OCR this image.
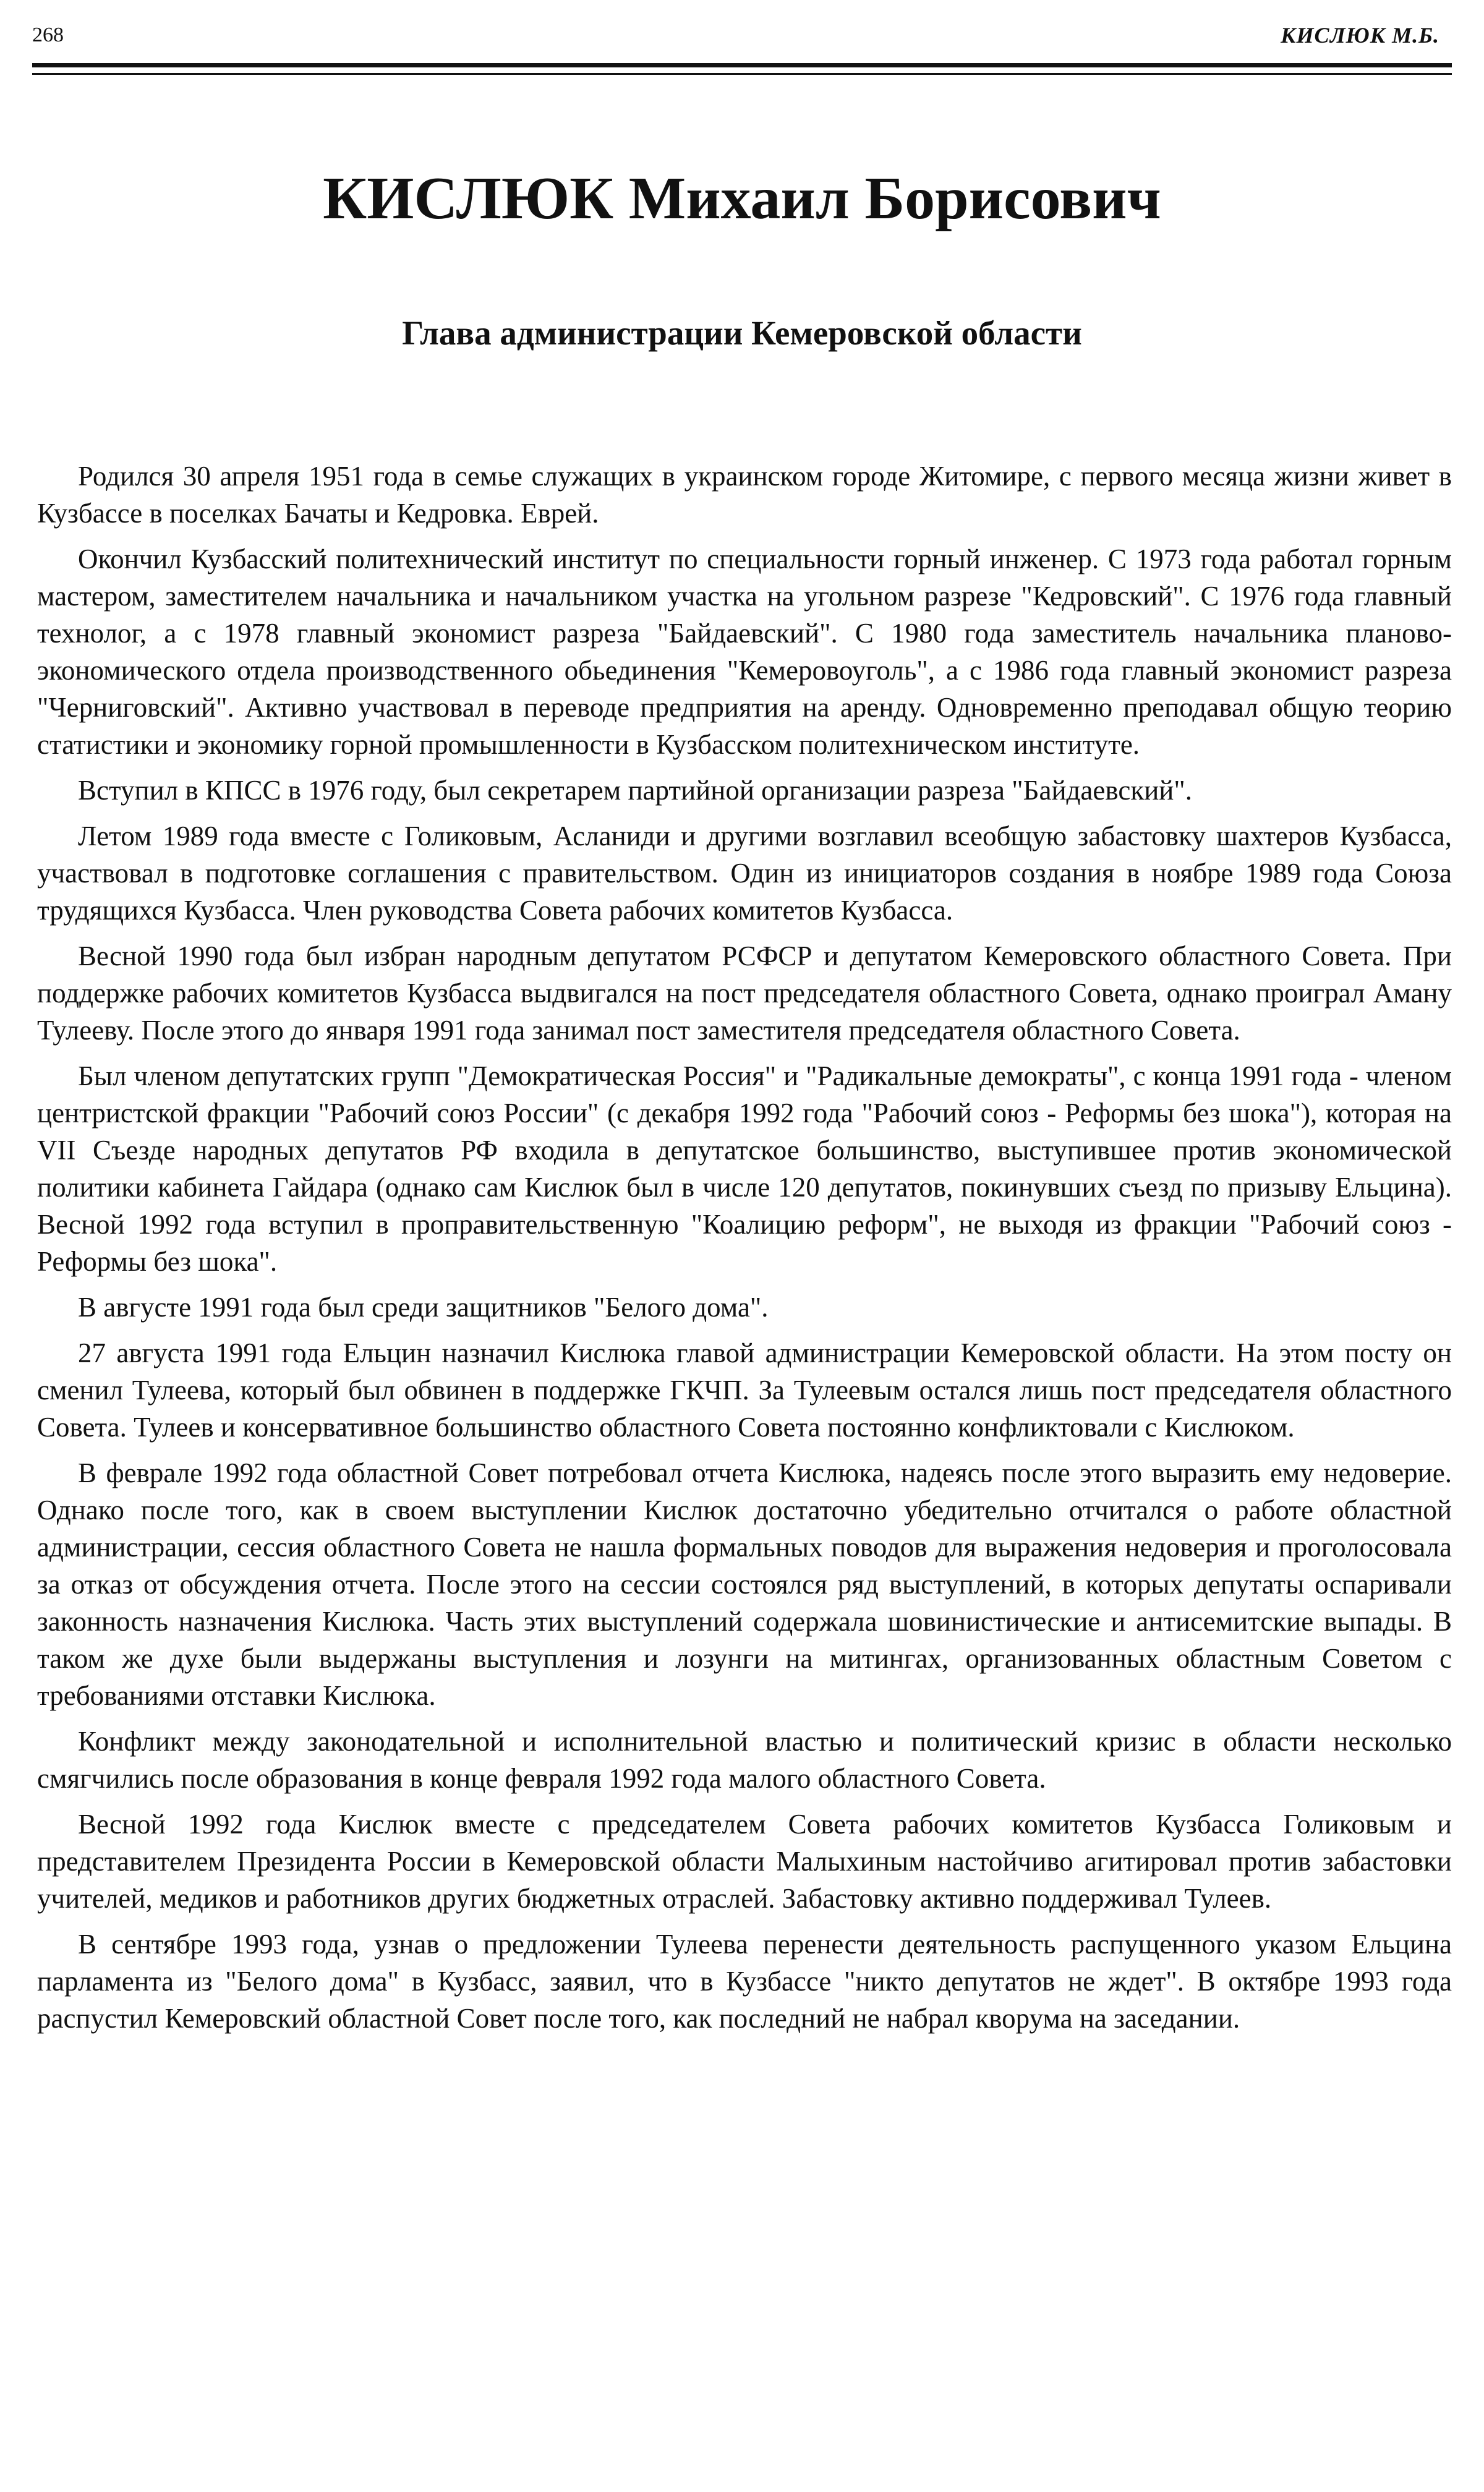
268	КИСЛЮК М.Б.
КИСЛЮК Михаил Борисович
Глава администрации Кемеровской области

Родился 30 апреля 1951 года в семье служащих в украинском городе Житомире, с первого месяца жизни живет в Кузбассе в поселках Бачаты и Кедровка. Еврей.

Окончил Кузбасский политехнический институт по специальности горный инженер. С 1973 года работал горным мастером, заместителем начальника и начальником участка на угольном разрезе "Кедровский". С 1976 года главный технолог, а с 1978 главный экономист разреза "Байдаевский". С 1980 года заместитель начальника планово-экономического отдела производственного обьединения "Кемеровоуголь", а с 1986 года главный экономист разреза "Черниговский". Активно участвовал в переводе предприятия на аренду. Одновременно преподавал общую теорию статистики и экономику горной промышленности в Кузбасском политехническом институте.

Вступил в КПСС в 1976 году, был секретарем партийной организации разреза "Байдаевский".

Летом 1989 года вместе с Голиковым, Асланиди и другими возглавил всеобщую забастовку шахтеров Кузбасса, участвовал в подготовке соглашения с правительством. Один из инициаторов создания в ноябре 1989 года Союза трудящихся Кузбасса. Член руководства Совета рабочих комитетов Кузбасса.

Весной 1990 года был избран народным депутатом РСФСР и депутатом Кемеровского областного Совета. При поддержке рабочих комитетов Кузбасса выдвигался на пост председателя областного Совета, однако проиграл Аману Тулееву. После этого до января 1991 года занимал пост заместителя председателя областного Совета.

Был членом депутатских групп "Демократическая Россия" и "Радикальные демократы", с конца 1991 года - членом центристской фракции "Рабочий союз России" (с декабря 1992 года "Рабочий союз - Реформы без шока"), которая на VII Съезде народных депутатов РФ входила в депутатское большинство, выступившее против экономической политики кабинета Гайдара (однако сам Кислюк был в числе 120 депутатов, покинувших съезд по призыву Ельцина). Весной 1992 года вступил в проправительственную "Коалицию реформ", не выходя из фракции "Рабочий союз - Реформы без шока".

В августе 1991 года был среди защитников "Белого дома".

27 августа 1991 года Ельцин назначил Кислюка главой администрации Кемеровской области. На этом посту он сменил Тулеева, который был обвинен в поддержке ГКЧП. За Тулеевым остался лишь пост председателя областного Совета. Тулеев и консервативное большинство областного Совета постоянно конфликтовали с Кислюком.

В феврале 1992 года областной Совет потребовал отчета Кислюка, надеясь после этого выразить ему недоверие. Однако после того, как в своем выступлении Кислюк достаточно убедительно отчитался о работе областной администрации, сессия областного Совета не нашла формальных поводов для выражения недоверия и проголосовала за отказ от обсуждения отчета. После этого на сессии состоялся ряд выступлений, в которых депутаты оспаривали законность назначения Кислюка. Часть этих выступлений содержала шовинистические и антисемитские выпады. В таком же духе были выдержаны выступления и лозунги на митингах, организованных областным Советом с требованиями отставки Кислюка.

Конфликт между законодательной и исполнительной властью и политический кризис в области несколько смягчились после образования в конце февраля 1992 года малого областного Совета.

Весной 1992 года Кислюк вместе с председателем Совета рабочих комитетов Кузбасса Голиковым и представителем Президента России в Кемеровской области Малыхиным настойчиво агитировал против забастовки учителей, медиков и работников других бюджетных отраслей. Забастовку активно поддерживал Тулеев.

В сентябре 1993 года, узнав о предложении Тулеева перенести деятельность распущенного указом Ельцина парламента из "Белого дома" в Кузбасс, заявил, что в Кузбассе "никто депутатов не ждет". В октябре 1993 года распустил Кемеровский областной Совет после того, как последний не набрал кворума на заседании.
